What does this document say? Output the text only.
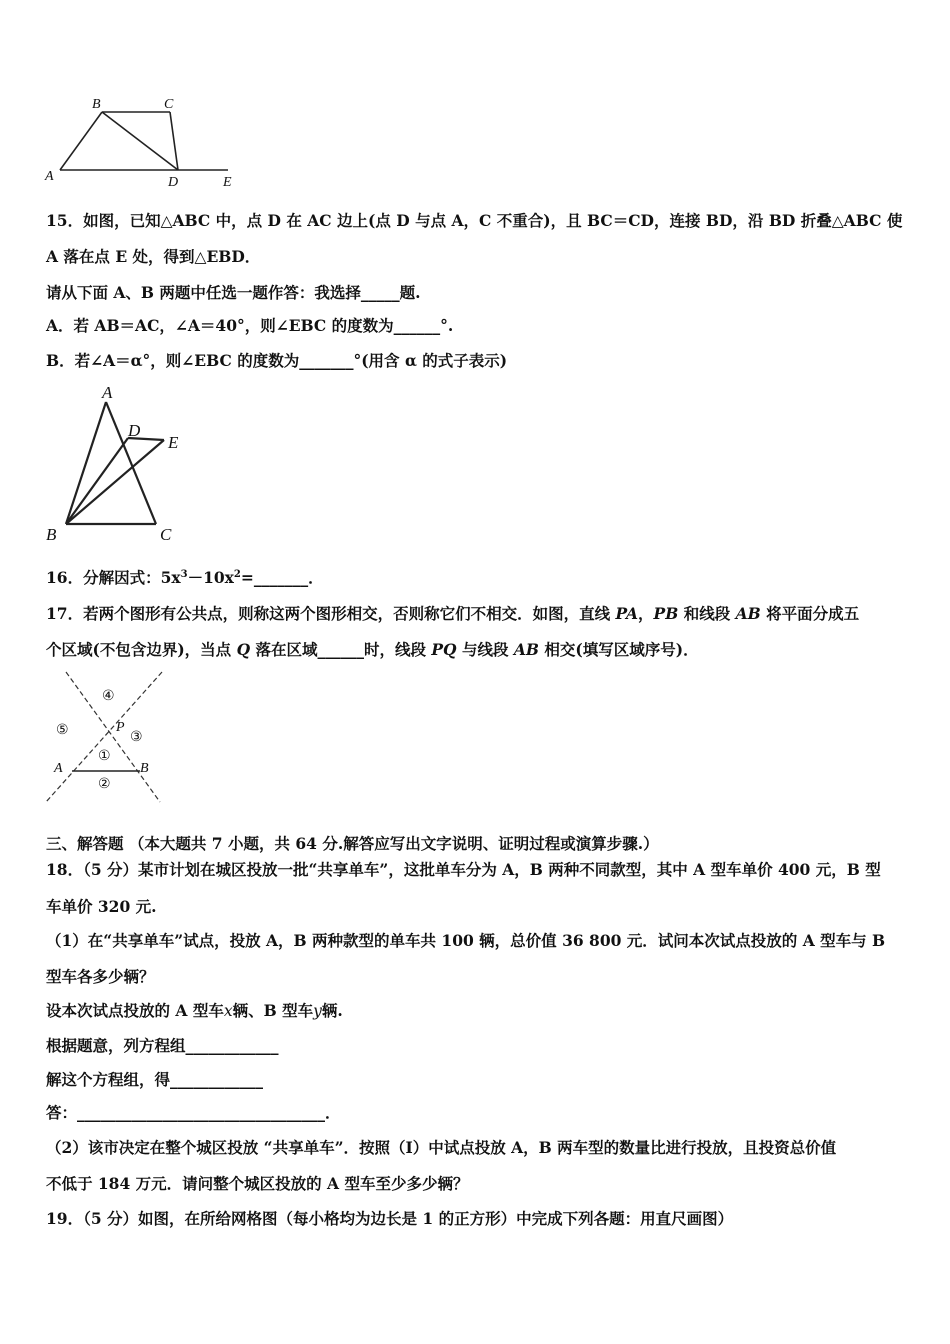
B	C
A	D	E
15．如图，已知△ABC 中，点 D 在 AC 边上(点 D 与点 A，C 不重合)，且 BC＝CD，连接 BD，沿 BD 折叠△ABC 使
A 落在点 E 处，得到△EBD．
请从下面 A、B 两题中任选一题作答：我选择_____题.
A．若 AB＝AC，∠A＝40°，则∠EBC 的度数为______°.
B．若∠A＝α°，则∠EBC 的度数为_______°(用含 α 的式子表示)
A
D
E
B	C
16．分解因式：$5x^3-10x^2=\_\_\_\_\_\_\_$．
17．若两个图形有公共点，则称这两个图形相交，否则称它们不相交．如图，直线 PA，PB 和线段 AB 将平面分成五
个区域(不包含边界)，当点 Q 落在区域______时，线段 PQ 与线段 AB 相交(填写区域序号)．
④
⑤	P
③
①
A	B
②
三、解答题 （本大题共 7 小题，共 64 分.解答应写出文字说明、证明过程或演算步骤.）
18．（5 分）某市计划在城区投放一批“共享单车”，这批单车分为 A，B 两种不同款型，其中 A 型车单价 400 元，B 型
车单价 320 元.
（1）在“共享单车”试点，投放 A，B 两种款型的单车共 100 辆，总价值 36 800 元．试问本次试点投放的 A 型车与 B
型车各多少辆？
设本次试点投放的 A 型车x辆、B 型车y辆.
根据题意，列方程组____________
解这个方程组，得____________
答：________________________________．
（2）该市决定在整个城区投放 “共享单车”．按照（Ⅰ）中试点投放 A，B 两车型的数量比进行投放，且投资总价值
不低于 184 万元．请问整个城区投放的 A 型车至少多少辆？
19．（5 分）如图，在所给网格图（每小格均为边长是 1 的正方形）中完成下列各题：用直尺画图）
